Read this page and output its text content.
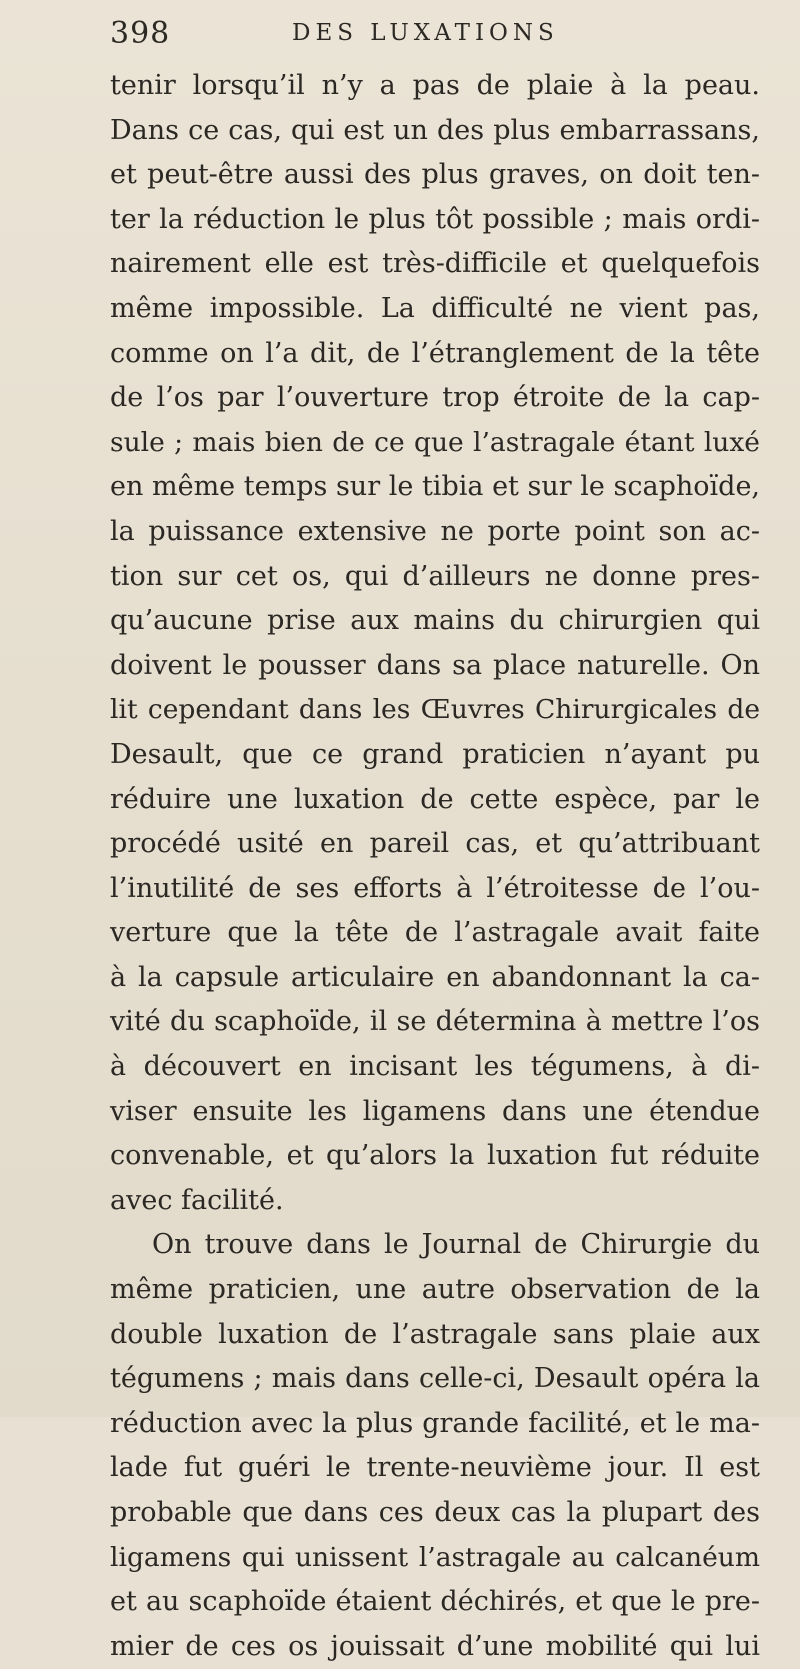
398	DES LUXATIONS
tenir lorsqu’il n’y a pas de plaie à la peau.
Dans ce cas, qui est un des plus embarrassans,
et peut-être aussi des plus graves, on doit ten-
ter la réduction le plus tôt possible ; mais ordi-
nairement elle est très-difficile et quelquefois
même impossible. La difficulté ne vient pas,
comme on l’a dit, de l’étranglement de la tête
de l’os par l’ouverture trop étroite de la cap-
sule ; mais bien de ce que l’astragale étant luxé
en même temps sur le tibia et sur le scaphoïde,
la puissance extensive ne porte point son ac-
tion sur cet os, qui d’ailleurs ne donne pres-
qu’aucune prise aux mains du chirurgien qui
doivent le pousser dans sa place naturelle. On
lit cependant dans les Œuvres Chirurgicales de
Desault, que ce grand praticien n’ayant pu
réduire une luxation de cette espèce, par le
procédé usité en pareil cas, et qu’attribuant
l’inutilité de ses efforts à l’étroitesse de l’ou-
verture que la tête de l’astragale avait faite
à la capsule articulaire en abandonnant la ca-
vité du scaphoïde, il se détermina à mettre l’os
à découvert en incisant les tégumens, à di-
viser ensuite les ligamens dans une étendue
convenable, et qu’alors la luxation fut réduite
avec facilité.
On trouve dans le Journal de Chirurgie du
même praticien, une autre observation de la
double luxation de l’astragale sans plaie aux
tégumens ; mais dans celle-ci, Desault opéra la
réduction avec la plus grande facilité, et le ma-
lade fut guéri le trente-neuvième jour. Il est
probable que dans ces deux cas la plupart des
ligamens qui unissent l’astragale au calcanéum
et au scaphoïde étaient déchirés, et que le pre-
mier de ces os jouissait d’une mobilité qui lui
